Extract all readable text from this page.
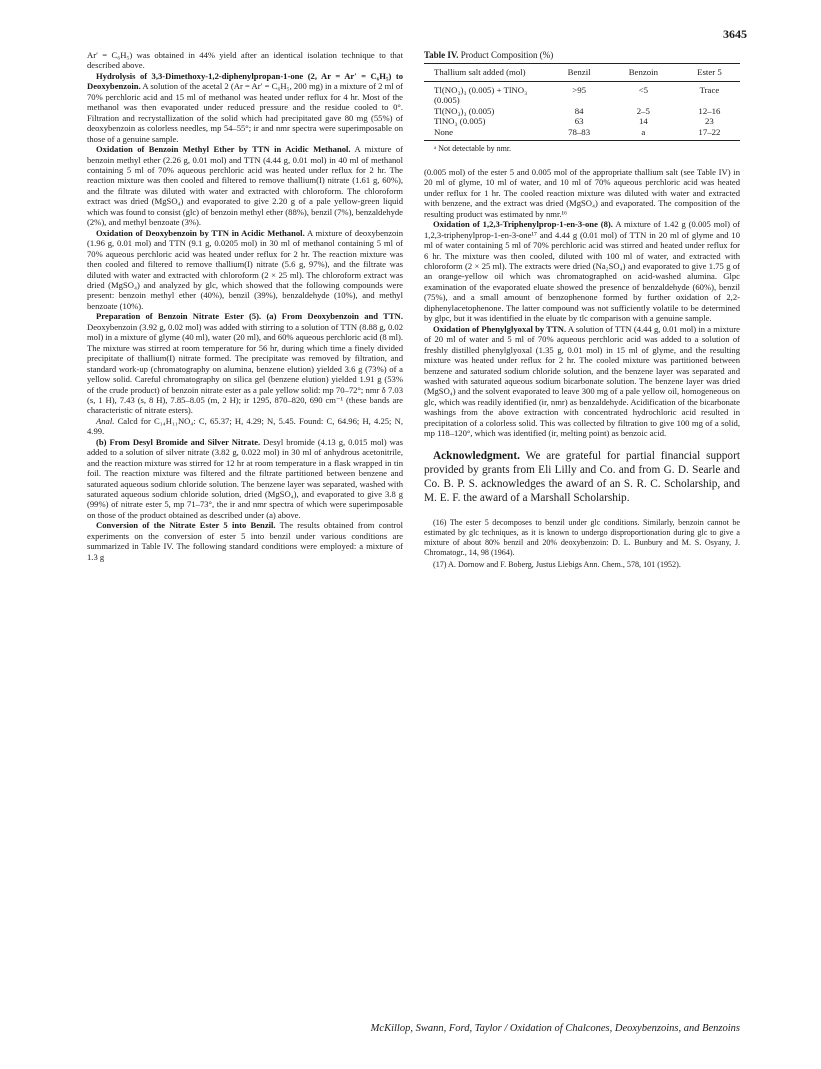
3645

Ar′ = C₆H₅) was obtained in 44% yield after an identical isolation technique to that described above.

Hydrolysis of 3,3-Dimethoxy-1,2-diphenylpropan-1-one (2, Ar = Ar′ = C₆H₅) to Deoxybenzoin. A solution of the acetal 2 (Ar = Ar′ = C₆H₅, 200 mg) in a mixture of 2 ml of 70% perchloric acid and 15 ml of methanol was heated under reflux for 4 hr. Most of the methanol was then evaporated under reduced pressure and the residue cooled to 0°. Filtration and recrystallization of the solid which had precipitated gave 80 mg (55%) of deoxybenzoin as colorless needles, mp 54–55°; ir and nmr spectra were superimposable on those of a genuine sample.

Oxidation of Benzoin Methyl Ether by TTN in Acidic Methanol. A mixture of benzoin methyl ether (2.26 g, 0.01 mol) and TTN (4.44 g, 0.01 mol) in 40 ml of methanol containing 5 ml of 70% aqueous perchloric acid was heated under reflux for 2 hr. The reaction mixture was then cooled and filtered to remove thallium(I) nitrate (1.61 g, 60%), and the filtrate was diluted with water and extracted with chloroform. The chloroform extract was dried (MgSO₄) and evaporated to give 2.20 g of a pale yellow-green liquid which was found to consist (glc) of benzoin methyl ether (88%), benzil (7%), benzaldehyde (2%), and methyl benzoate (3%).

Oxidation of Deoxybenzoin by TTN in Acidic Methanol. A mixture of deoxybenzoin (1.96 g, 0.01 mol) and TTN (9.1 g, 0.0205 mol) in 30 ml of methanol containing 5 ml of 70% aqueous perchloric acid was heated under reflux for 2 hr. The reaction mixture was then cooled and filtered to remove thallium(I) nitrate (5.6 g, 97%), and the filtrate was diluted with water and extracted with chloroform (2 × 25 ml). The chloroform extract was dried (MgSO₄) and analyzed by glc, which showed that the following compounds were present: benzoin methyl ether (40%), benzil (39%), benzaldehyde (10%), and methyl benzoate (10%).

Preparation of Benzoin Nitrate Ester (5). (a) From Deoxybenzoin and TTN. Deoxybenzoin (3.92 g, 0.02 mol) was added with stirring to a solution of TTN (8.88 g, 0.02 mol) in a mixture of glyme (40 ml), water (20 ml), and 60% aqueous perchloric acid (8 ml). The mixture was stirred at room temperature for 56 hr, during which time a finely divided precipitate of thallium(I) nitrate formed. The precipitate was removed by filtration, and standard work-up (chromatography on alumina, benzene elution) yielded 3.6 g (73%) of a yellow solid. Careful chromatography on silica gel (benzene elution) yielded 1.91 g (53% of the crude product) of benzoin nitrate ester as a pale yellow solid: mp 70–72°; nmr δ 7.03 (s, 1 H), 7.43 (s, 8 H), 7.85–8.05 (m, 2 H); ir 1295, 870–820, 690 cm⁻¹ (these bands are characteristic of nitrate esters).

Anal. Calcd for C₁₄H₁₁NO₄: C, 65.37; H, 4.29; N, 5.45. Found: C, 64.96; H, 4.25; N, 4.99.

(b) From Desyl Bromide and Silver Nitrate. Desyl bromide (4.13 g, 0.015 mol) was added to a solution of silver nitrate (3.82 g, 0.022 mol) in 30 ml of anhydrous acetonitrile, and the reaction mixture was stirred for 12 hr at room temperature in a flask wrapped in tin foil. The reaction mixture was filtered and the filtrate partitioned between benzene and saturated aqueous sodium chloride solution. The benzene layer was separated, washed with saturated aqueous sodium chloride solution, dried (MgSO₄), and evaporated to give 3.8 g (99%) of nitrate ester 5, mp 71–73°, the ir and nmr spectra of which were superimposable on those of the product obtained as described under (a) above.

Conversion of the Nitrate Ester 5 into Benzil. The results obtained from control experiments on the conversion of ester 5 into benzil under various conditions are summarized in Table IV. The following standard conditions were employed: a mixture of 1.3 g

Table IV. Product Composition (%)
Thallium salt added (mol)	Benzil	Benzoin	Ester 5
Tl(NO₃)₃ (0.005) + TlNO₃ (0.005)	>95	<5	Trace
Tl(NO₃)₃ (0.005)	84	2–5	12–16
TlNO₃ (0.005)	63	14	23
None	78–83	a	17–22
ᵃ Not detectable by nmr.

(0.005 mol) of the ester 5 and 0.005 mol of the appropriate thallium salt (see Table IV) in 20 ml of glyme, 10 ml of water, and 10 ml of 70% aqueous perchloric acid was heated under reflux for 1 hr. The cooled reaction mixture was diluted with water and extracted with benzene, and the extract was dried (MgSO₄) and evaporated. The composition of the resulting product was estimated by nmr.¹⁶

Oxidation of 1,2,3-Triphenylprop-1-en-3-one (8). A mixture of 1.42 g (0.005 mol) of 1,2,3-triphenylprop-1-en-3-one¹⁷ and 4.44 g (0.01 mol) of TTN in 20 ml of glyme and 10 ml of water containing 5 ml of 70% perchloric acid was stirred and heated under reflux for 6 hr. The mixture was then cooled, diluted with 100 ml of water, and extracted with chloroform (2 × 25 ml). The extracts were dried (Na₂SO₄) and evaporated to give 1.75 g of an orange-yellow oil which was chromatographed on acid-washed alumina. Glpc examination of the evaporated eluate showed the presence of benzaldehyde (60%), benzil (75%), and a small amount of benzophenone formed by further oxidation of 2,2-diphenylacetophenone. The latter compound was not sufficiently volatile to be determined by glpc, but it was identified in the eluate by tlc comparison with a genuine sample.

Oxidation of Phenylglyoxal by TTN. A solution of TTN (4.44 g, 0.01 mol) in a mixture of 20 ml of water and 5 ml of 70% aqueous perchloric acid was added to a solution of freshly distilled phenylglyoxal (1.35 g, 0.01 mol) in 15 ml of glyme, and the resulting mixture was heated under reflux for 2 hr. The cooled mixture was partitioned between benzene and saturated sodium chloride solution, and the benzene layer was separated and washed with saturated aqueous sodium bicarbonate solution. The benzene layer was dried (MgSO₄) and the solvent evaporated to leave 300 mg of a pale yellow oil, homogeneous on glc, which was readily identified (ir, nmr) as benzaldehyde. Acidification of the bicarbonate washings from the above extraction with concentrated hydrochloric acid resulted in precipitation of a colorless solid. This was collected by filtration to give 100 mg of a solid, mp 118–120°, which was identified (ir, melting point) as benzoic acid.

Acknowledgment. We are grateful for partial financial support provided by grants from Eli Lilly and Co. and from G. D. Searle and Co. B. P. S. acknowledges the award of an S. R. C. Scholarship, and M. E. F. the award of a Marshall Scholarship.

(16) The ester 5 decomposes to benzil under glc conditions. Similarly, benzoin cannot be estimated by glc techniques, as it is known to undergo disproportionation during glc to give a mixture of about 80% benzil and 20% deoxybenzoin: D. L. Bunbury and M. S. Osyany, J. Chromatogr., 14, 98 (1964).

(17) A. Dornow and F. Boberg, Justus Liebigs Ann. Chem., 578, 101 (1952).

McKillop, Swann, Ford, Taylor / Oxidation of Chalcones, Deoxybenzoins, and Benzoins
